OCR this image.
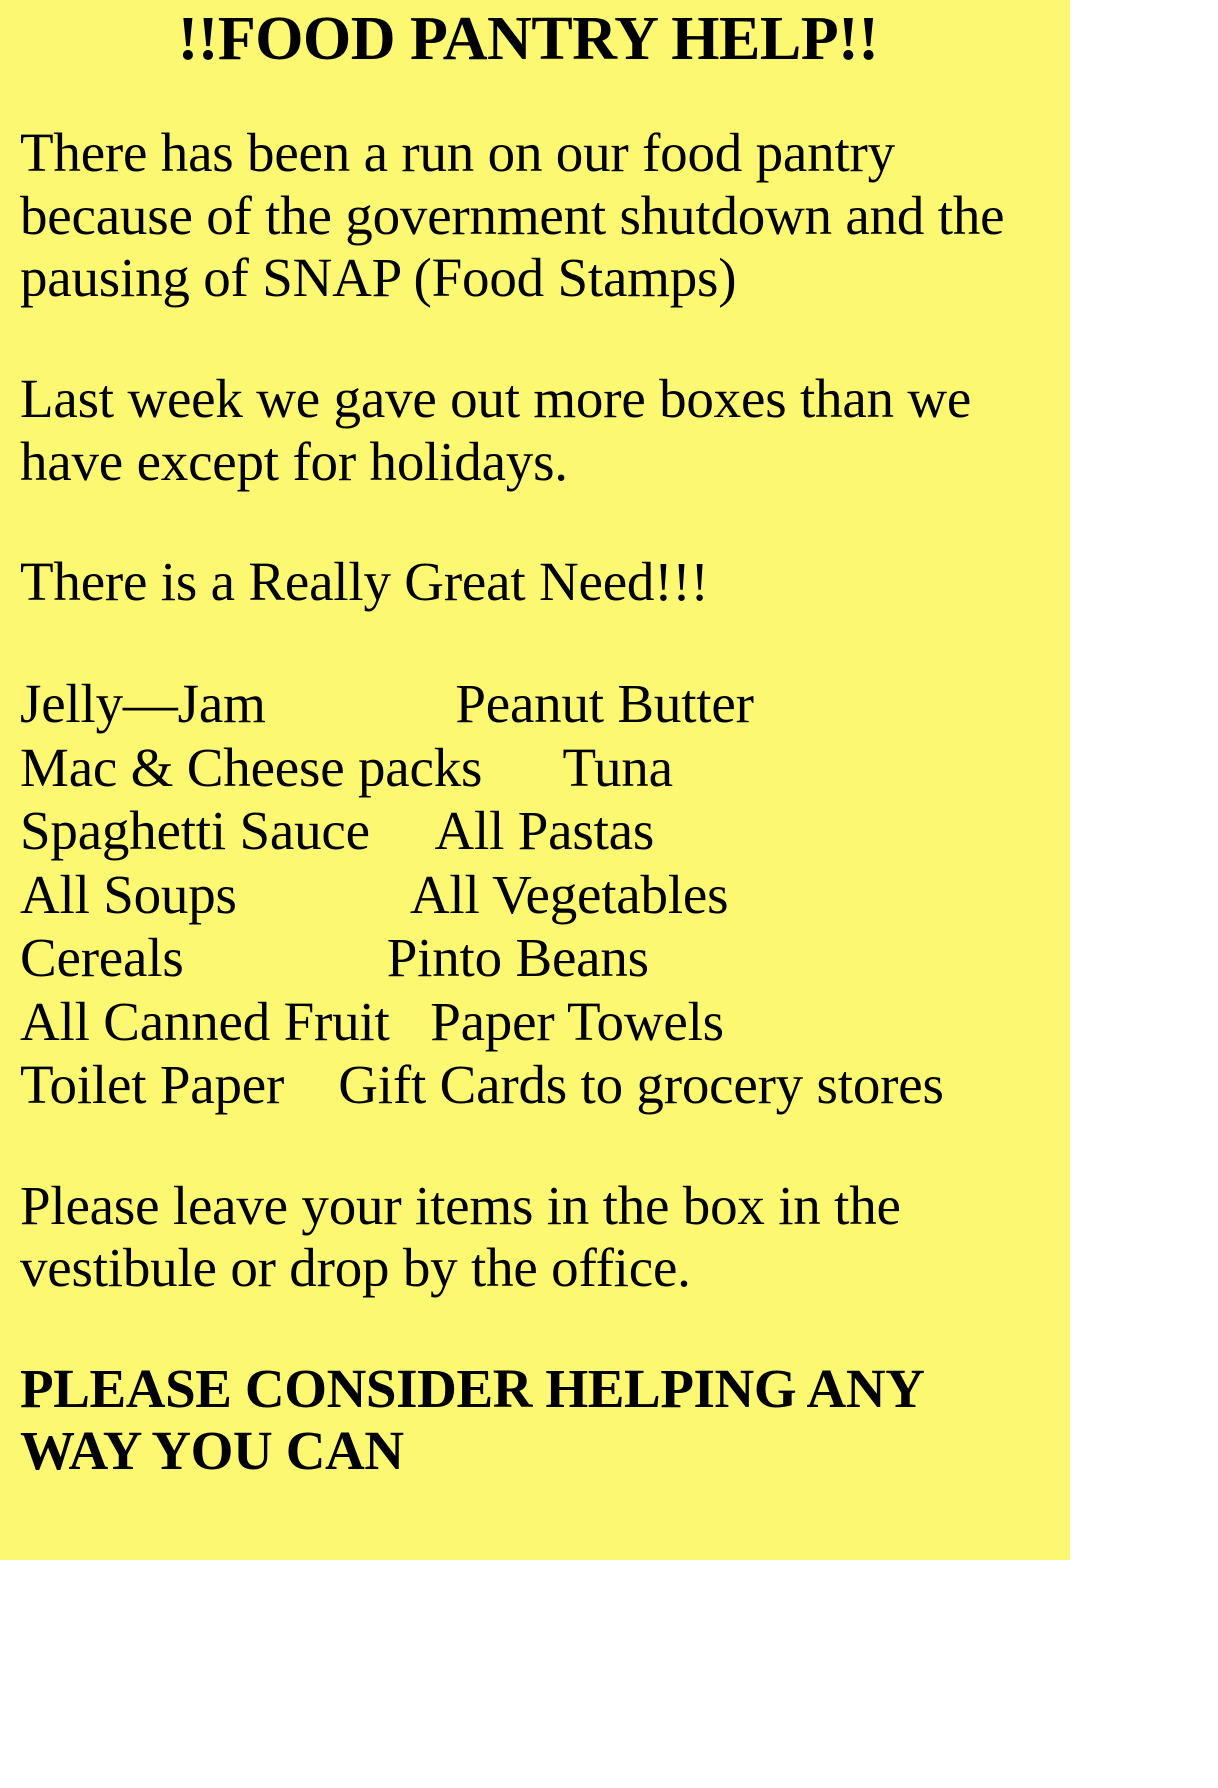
!!FOOD PANTRY HELP!!

There has been a run on our food pantry because of the government shutdown and the pausing of SNAP (Food Stamps)

Last week we gave out more boxes than we have except for holidays.

There is a Really Great Need!!!

Jelly—Jam              Peanut Butter
Mac & Cheese packs      Tuna
Spaghetti Sauce     All Pastas
All Soups             All Vegetables
Cereals               Pinto Beans
All Canned Fruit   Paper Towels
Toilet Paper    Gift Cards to grocery stores

Please leave your items in the box in the vestibule or drop by the office.

PLEASE CONSIDER HELPING ANY WAY YOU CAN
